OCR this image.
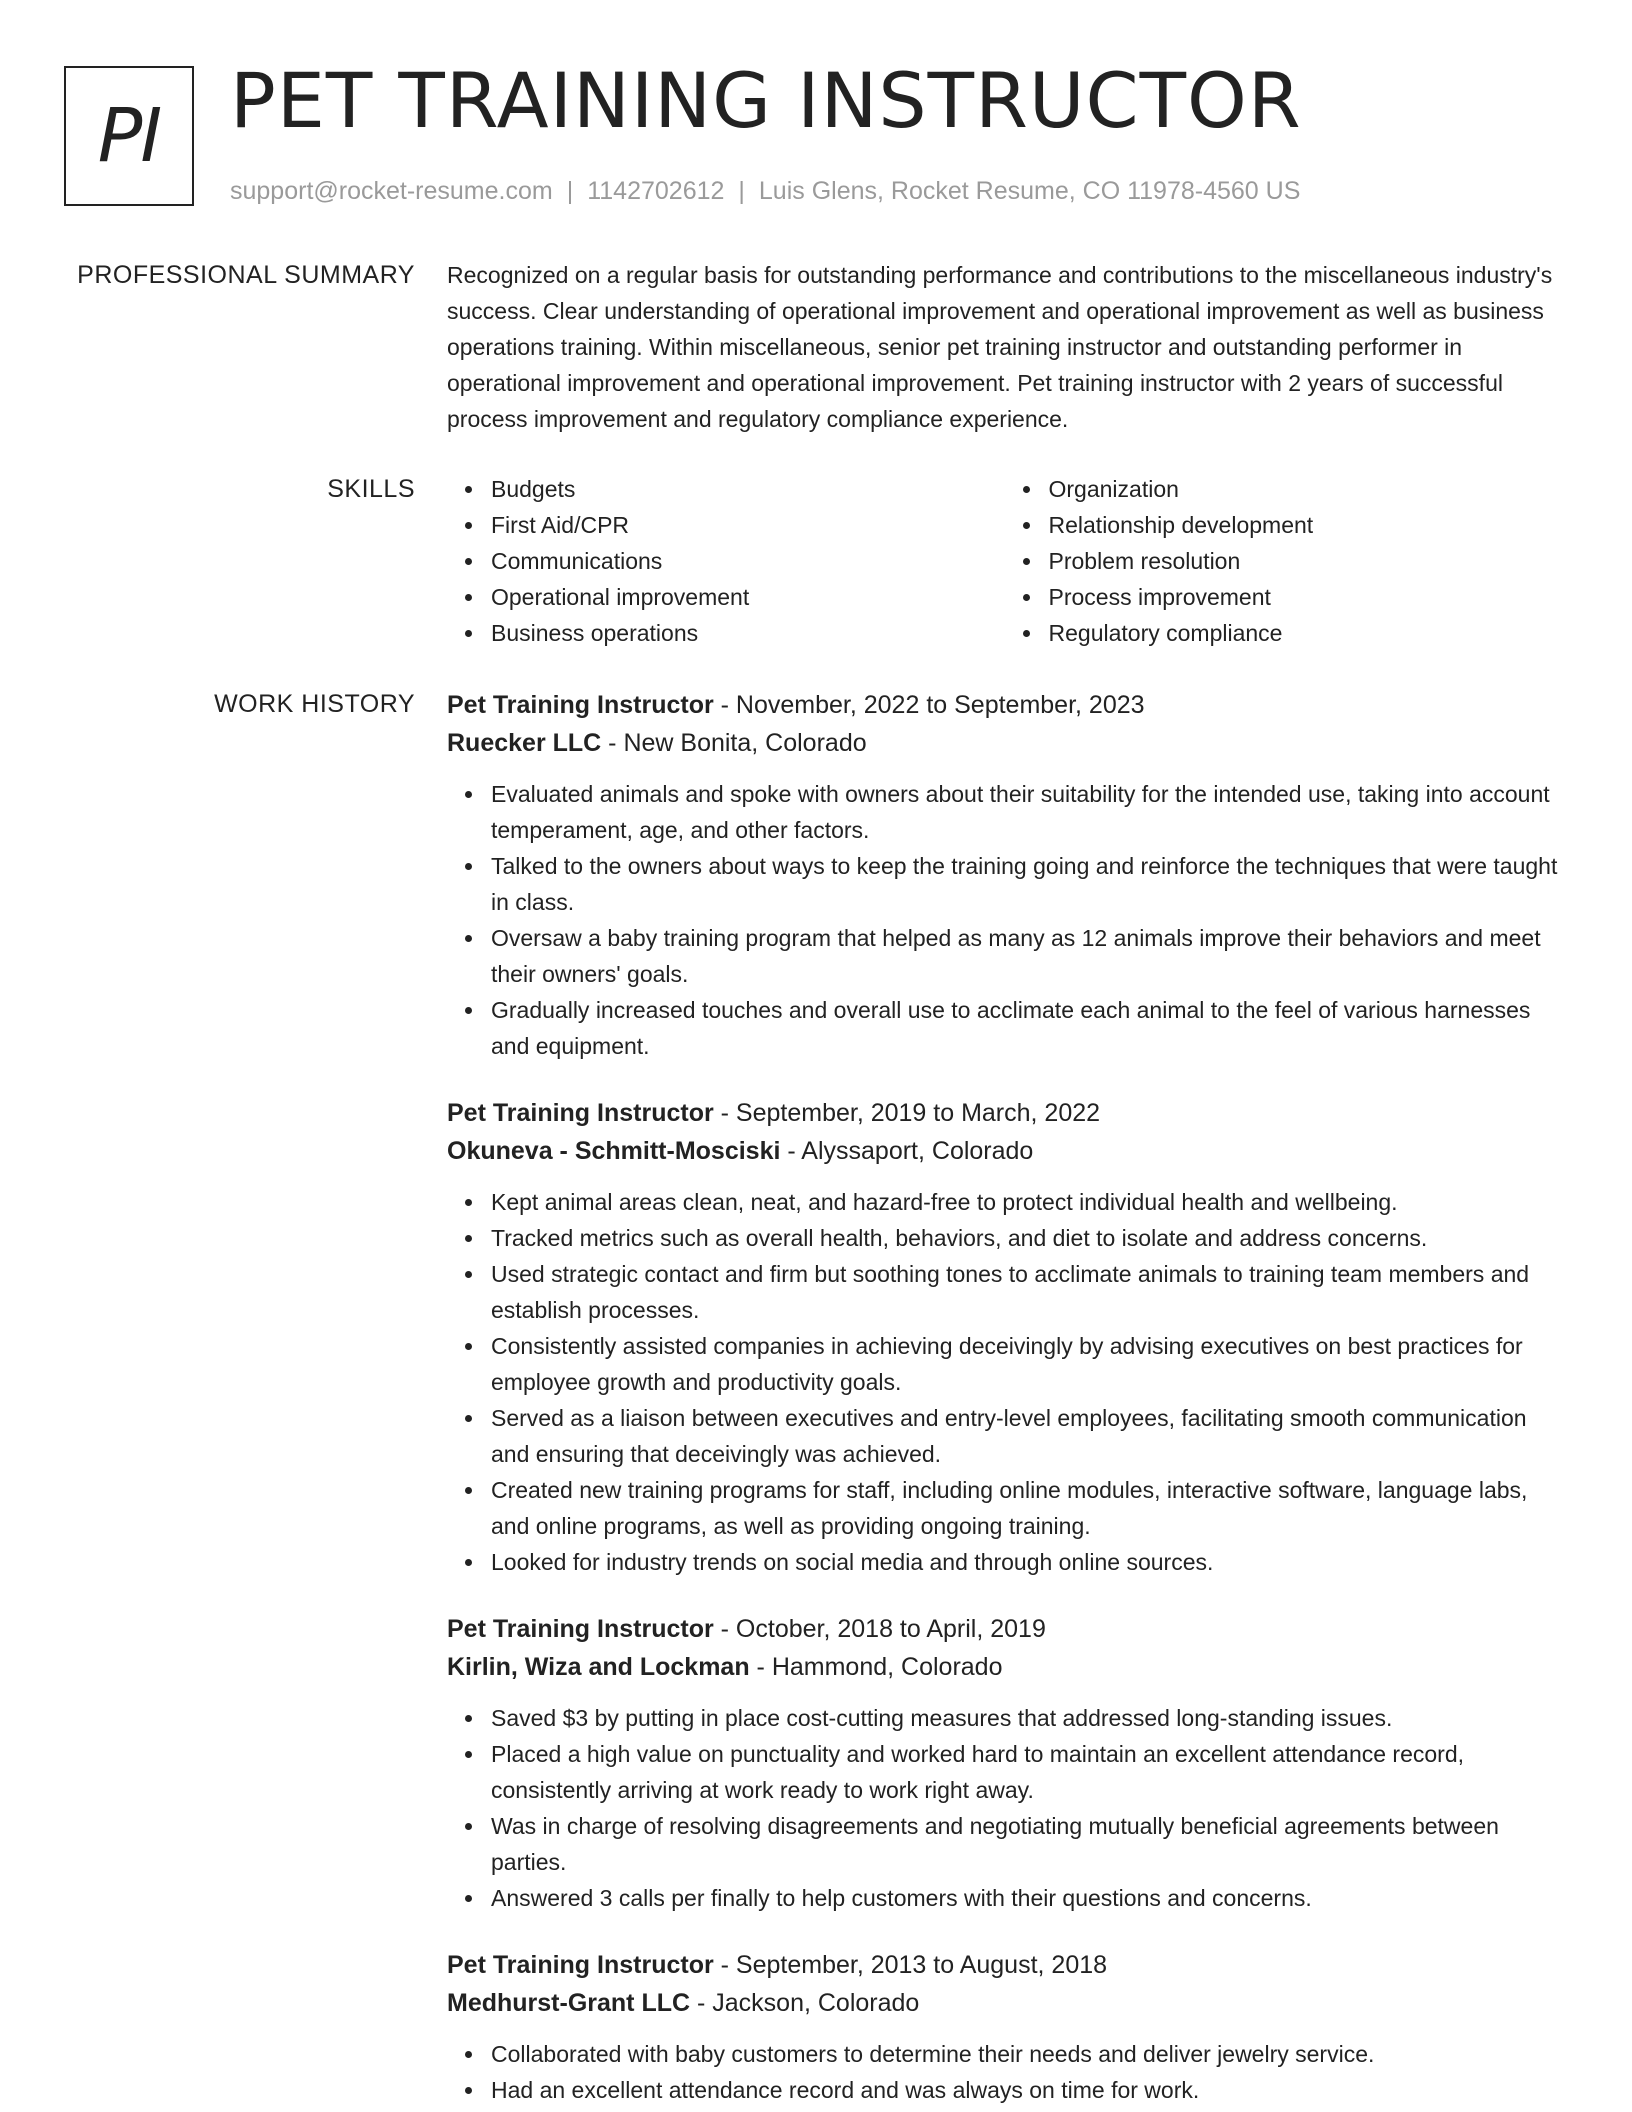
PI PET TRAINING INSTRUCTOR
support@rocket-resume.com | 1142702612 | Luis Glens, Rocket Resume, CO 11978-4560 US
PROFESSIONAL SUMMARY Recognized on a regular basis for outstanding performance and contributions to the miscellaneous industry's success. Clear understanding of operational improvement and operational improvement as well as business operations training. Within miscellaneous, senior pet training instructor and outstanding performer in operational improvement and operational improvement. Pet training instructor with 2 years of successful process improvement and regulatory compliance experience.

SKILLS	Budgets
First Aid/CPR
Communications
Operational improvement
Business operations
Organization
Relationship development
Problem resolution
Process improvement
Regulatory compliance
WORK HISTORY Pet Training Instructor - November, 2022 to September, 2023
Ruecker LLC - New Bonita, Colorado
Evaluated animals and spoke with owners about their suitability for the intended use, taking into account temperament, age, and other factors.
Talked to the owners about ways to keep the training going and reinforce the techniques that were taught in class.
Oversaw a baby training program that helped as many as 12 animals improve their behaviors and meet their owners' goals.
Gradually increased touches and overall use to acclimate each animal to the feel of various harnesses and equipment.
Pet Training Instructor - September, 2019 to March, 2022
Okuneva - Schmitt-Mosciski - Alyssaport, Colorado
Kept animal areas clean, neat, and hazard-free to protect individual health and wellbeing.
Tracked metrics such as overall health, behaviors, and diet to isolate and address concerns.
Used strategic contact and firm but soothing tones to acclimate animals to training team members and establish processes.
Consistently assisted companies in achieving deceivingly by advising executives on best practices for employee growth and productivity goals.
Served as a liaison between executives and entry-level employees, facilitating smooth communication and ensuring that deceivingly was achieved.
Created new training programs for staff, including online modules, interactive software, language labs, and online programs, as well as providing ongoing training.
Looked for industry trends on social media and through online sources.
Pet Training Instructor - October, 2018 to April, 2019
Kirlin, Wiza and Lockman - Hammond, Colorado
Saved $3 by putting in place cost-cutting measures that addressed long-standing issues.
Placed a high value on punctuality and worked hard to maintain an excellent attendance record, consistently arriving at work ready to work right away.
Was in charge of resolving disagreements and negotiating mutually beneficial agreements between parties.
Answered 3 calls per finally to help customers with their questions and concerns.
Pet Training Instructor - September, 2013 to August, 2018
Medhurst-Grant LLC - Jackson, Colorado
Collaborated with baby customers to determine their needs and deliver jewelry service.
Had an excellent attendance record and was always on time for work.
